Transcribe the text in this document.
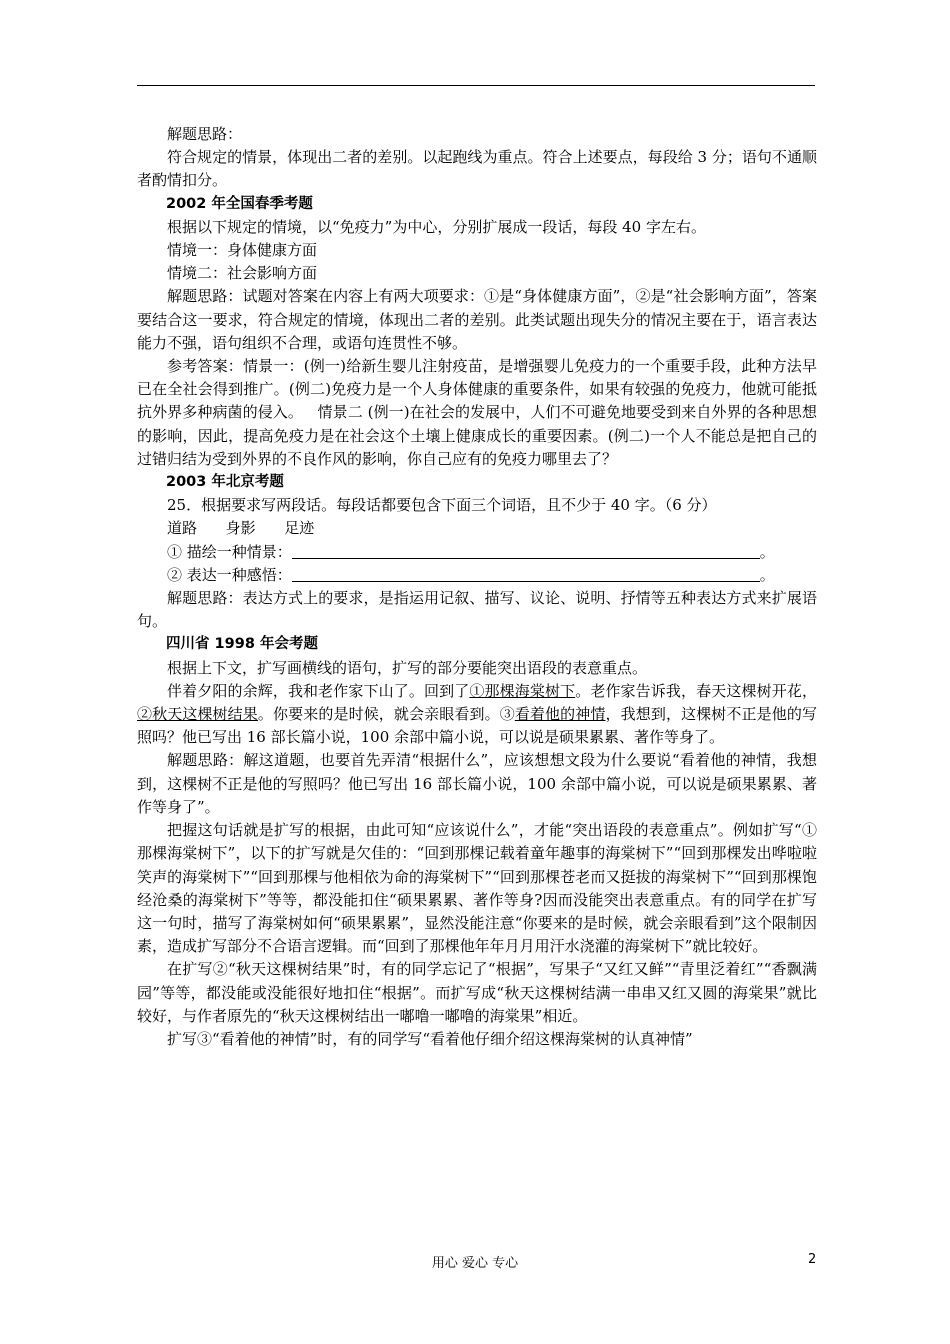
解题思路：

符合规定的情景，体现出二者的差别。以起跑线为重点。符合上述要点，每段给 3 分；语句不通顺者酌情扣分。

2002 年全国春季考题

根据以下规定的情境，以“免疫力”为中心，分别扩展成一段话，每段 40 字左右。

情境一：身体健康方面

情境二：社会影响方面

解题思路：试题对答案在内容上有两大项要求：①是“身体健康方面”，②是“社会影响方面”，答案要结合这一要求，符合规定的情境，体现出二者的差别。此类试题出现失分的情况主要在于，语言表达能力不强，语句组织不合理，或语句连贯性不够。

参考答案：情景一：(例一)给新生婴儿注射疫苗，是增强婴儿免疫力的一个重要手段，此种方法早已在全社会得到推广。(例二)免疫力是一个人身体健康的重要条件，如果有较强的免疫力，他就可能抵抗外界多种病菌的侵入。   情景二 (例一)在社会的发展中，人们不可避免地要受到来自外界的各种思想的影响，因此，提高免疫力是在社会这个土壤上健康成长的重要因素。(例二)一个人不能总是把自己的过错归结为受到外界的不良作风的影响，你自己应有的免疫力哪里去了？

2003 年北京考题

25．根据要求写两段话。每段话都要包含下面三个词语，且不少于 40 字。（6 分）

道路      身影      足迹

① 描绘一种情景：	。

② 表达一种感悟：	。

解题思路：表达方式上的要求，是指运用记叙、描写、议论、说明、抒情等五种表达方式来扩展语句。

四川省 1998 年会考题

根据上下文，扩写画横线的语句，扩写的部分要能突出语段的表意重点。

伴着夕阳的余辉，我和老作家下山了。回到了①那棵海棠树下。老作家告诉我，春天这棵树开花，②秋天这棵树结果。你要来的是时候，就会亲眼看到。③看着他的神情，我想到，这棵树不正是他的写照吗？他已写出 16 部长篇小说，100 余部中篇小说，可以说是硕果累累、著作等身了。

解题思路：解这道题，也要首先弄清“根据什么”，应该想想文段为什么要说“看着他的神情，我想到，这棵树不正是他的写照吗？他已写出 16 部长篇小说，100 余部中篇小说，可以说是硕果累累、著作等身了”。

把握这句话就是扩写的根据，由此可知“应该说什么”，才能“突出语段的表意重点”。例如扩写“①那棵海棠树下”，以下的扩写就是欠佳的：“回到那棵记载着童年趣事的海棠树下”“回到那棵发出哗啦啦笑声的海棠树下”“回到那棵与他相依为命的海棠树下”“回到那棵苍老而又挺拔的海棠树下”“回到那棵饱经沧桑的海棠树下”等等，都没能扣住“硕果累累、著作等身?因而没能突出表意重点。有的同学在扩写这一句时，描写了海棠树如何“硕果累累”，显然没能注意“你要来的是时候，就会亲眼看到”这个限制因素，造成扩写部分不合语言逻辑。而“回到了那棵他年年月月用汗水浇灌的海棠树下”就比较好。

在扩写②“秋天这棵树结果”时，有的同学忘记了“根据”，写果子“又红又鲜”“青里泛着红”“香飘满园”等等，都没能或没能很好地扣住“根据”。而扩写成“秋天这棵树结满一串串又红又圆的海棠果”就比较好，与作者原先的“秋天这棵树结出一嘟噜一嘟噜的海棠果”相近。

扩写③“看着他的神情”时，有的同学写“看着他仔细介绍这棵海棠树的认真神情”

用心 爱心 专心	2
